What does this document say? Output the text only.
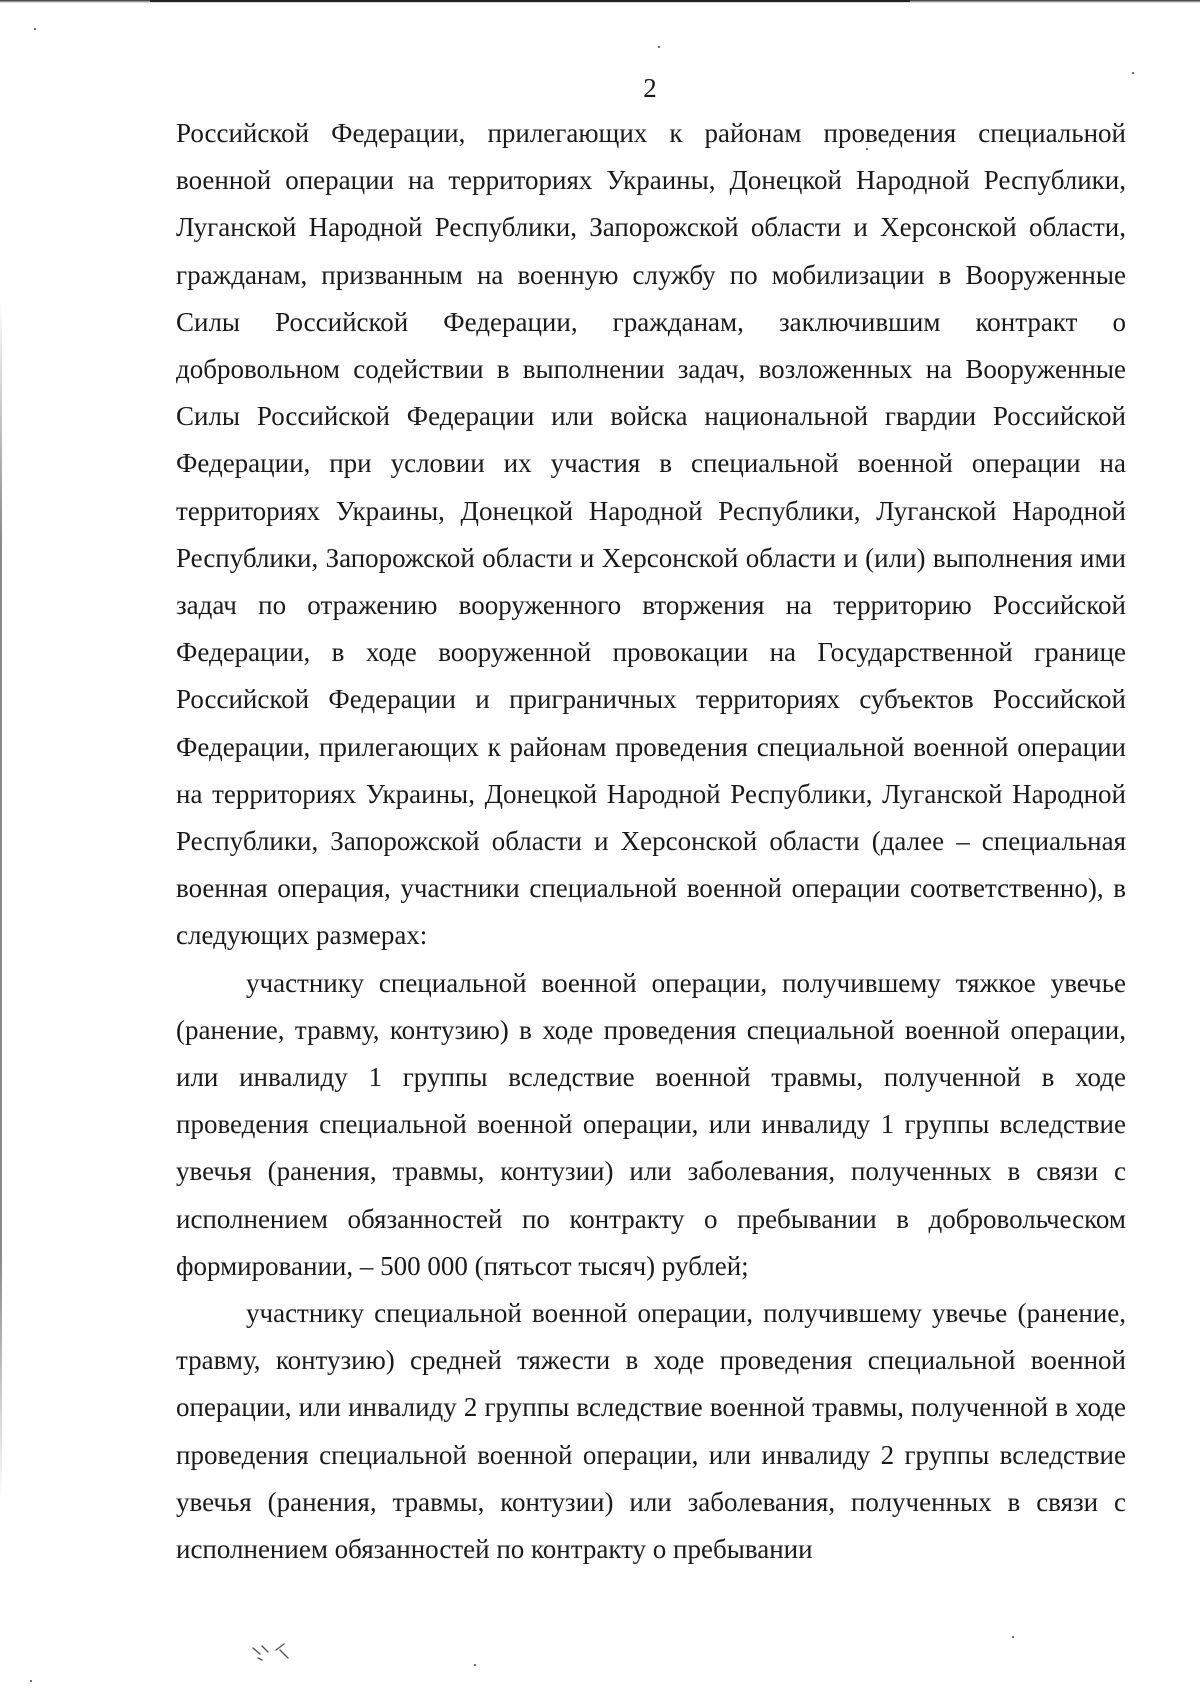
2

Российской Федерации, прилегающих к районам проведения специальной военной операции на территориях Украины, Донецкой Народной Республики, Луганской Народной Республики, Запорожской области и Херсонской области, гражданам, призванным на военную службу по мобилизации в Вооруженные Силы Российской Федерации, гражданам, заключившим контракт о добровольном содействии в выполнении задач, возложенных на Вооруженные Силы Российской Федерации или войска национальной гвардии Российской Федерации, при условии их участия в специальной военной операции на территориях Украины, Донецкой Народной Республики, Луганской Народной Республики, Запорожской области и Херсонской области и (или) выполнения ими задач по отражению вооруженного вторжения на территорию Российской Федерации, в ходе вооруженной провокации на Государственной границе Российской Федерации и приграничных территориях субъектов Российской Федерации, прилегающих к районам проведения специальной военной операции на территориях Украины, Донецкой Народной Республики, Луганской Народной Республики, Запорожской области и Херсонской области (далее – специальная военная операция, участники специальной военной операции соответственно), в следующих размерах:

участнику специальной военной операции, получившему тяжкое увечье (ранение, травму, контузию) в ходе проведения специальной военной операции, или инвалиду 1 группы вследствие военной травмы, полученной в ходе проведения специальной военной операции, или инвалиду 1 группы вследствие увечья (ранения, травмы, контузии) или заболевания, полученных в связи с исполнением обязанностей по контракту о пребывании в добровольческом формировании, – 500 000 (пятьсот тысяч) рублей;

участнику специальной военной операции, получившему увечье (ранение, травму, контузию) средней тяжести в ходе проведения специальной военной операции, или инвалиду 2 группы вследствие военной травмы, полученной в ходе проведения специальной военной операции, или инвалиду 2 группы вследствие увечья (ранения, травмы, контузии) или заболевания, полученных в связи с исполнением обязанностей по контракту о пребывании
